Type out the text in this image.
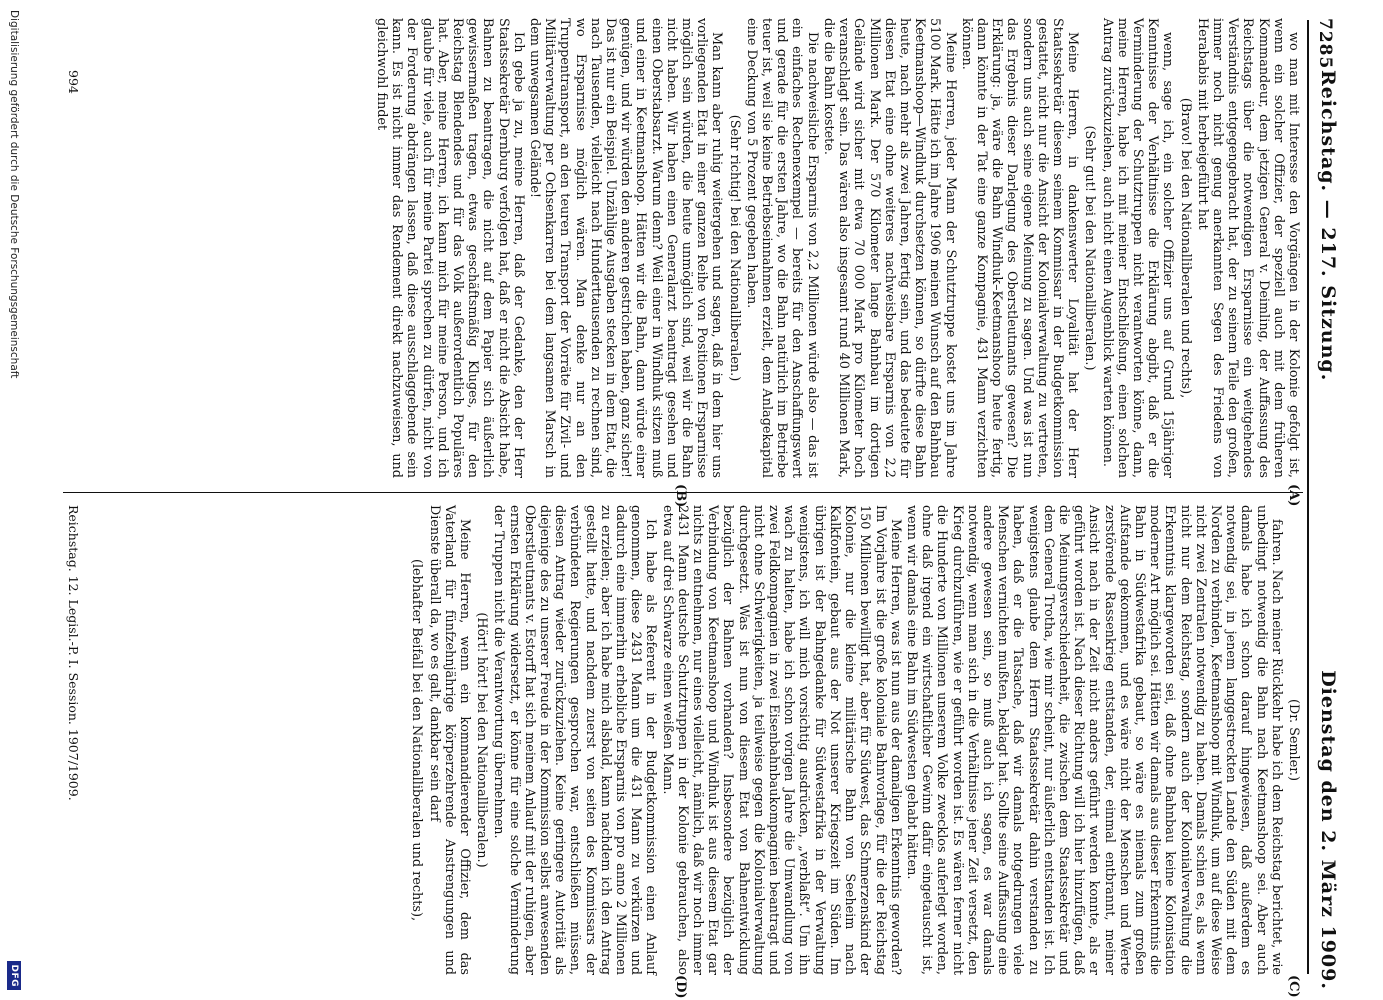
7285
Reichstag. — 217. Sitzung.
Dienstag den 2. März 1909.
(C)
(D)
(A)
(B)

(Dr. Semler.)

fahren. Nach meiner Rückkehr habe ich dem Reichstag berichtet, wie unbedingt notwendig die Bahn nach Keetmanshoop sei. Aber auch damals habe ich schon darauf hingewiesen, daß außerdem es notwendig sei, in jenem langgestreckten Lande den Süden mit dem Norden zu verbinden, Keetmanshoop mit Windhuk, um auf diese Weise nicht zwei Zentralen notwendig zu haben. Damals schien es, als wenn nicht nur dem Reichstag, sondern auch der Kolonialverwaltung die Erkenntnis klargeworden sei, daß ohne Bahnbau keine Kolonisation moderner Art möglich sei. Hätten wir damals aus dieser Erkenntnis die Bahn in Südwestafrika gebaut, so wäre es niemals zum großen Aufstande gekommen, und es wäre nicht der Menschen und Werte zerstörende Rassenkrieg entstanden, der, einmal entbrannt, meiner Ansicht nach in der Zeit nicht anders geführt werden konnte, als er geführt worden ist. Nach dieser Richtung will ich hier hinzufügen, daß die Meinungsverschiedenheit, die zwischen dem Staatssekretär und dem General Trotha, wie mir scheint, nur äußerlich entstanden ist. Ich wenigstens glaube dem Herrn Staatssekretär dahin verstanden zu haben, daß er die Tatsache, daß wir damals notgedrungen viele Menschen vernichten mußten, beklagt hat. Sollte seine Auffassung eine andere gewesen sein, so muß auch ich sagen, es war damals notwendig, wenn man sich in die Verhältnisse jener Zeit versetzt, den Krieg durchzuführen, wie er geführt worden ist. Es wären ferner nicht die Hunderte von Millionen unserem Volke zwecklos auferlegt worden, ohne daß irgend ein wirtschaftlicher Gewinn dafür eingetauscht ist, wenn wir damals eine Bahn im Südwesten gehabt hätten.

Meine Herren, was ist nun aus der damaligen Erkenntnis geworden? Im Vorjahre ist die große koloniale Bahnvorlage, für die der Reichstag 150 Millionen bewilligt hat, aber für Südwest, das Schmerzenskind der Kolonie, nur die kleine militärische Bahn von Seeheim nach Kalkfontein, gebaut aus der Not unserer Kriegszeit im Süden. Im übrigen ist der Bahngedanke für Südwestafrika in der Verwaltung wenigstens, ich will mich vorsichtig ausdrücken, „verblaßt“. Um ihn wach zu halten, habe ich schon vorigen Jahre die Umwandlung von zwei Feldkompagnien in zwei Eisenbahnbaukompagnien beantragt und nicht ohne Schwierigkeiten, ja teilweise gegen die Kolonialverwaltung durchgesetzt. Was ist nun von diesem Etat von Bahnentwicklung bezüglich der Bahnen vorhanden? Insbesondere bezüglich der Verbindung von Keetmanshoop und Windhuk ist aus diesem Etat gar nichts zu entnehmen, nur eines vielleicht, nämlich, daß wir noch immer 2431 Mann deutsche Schutztruppen in der Kolonie gebrauchen, also etwa auf drei Schwarze einen weißen Mann.

Ich habe als Referent in der Budgetkommission einen Anlauf genommen, diese 2431 Mann um die 431 Mann zu verkürzen und dadurch eine immerhin erhebliche Ersparnis von pro anno 2 Millionen zu erzielen; aber ich habe mich alsbald, kann nachdem ich den Antrag gestellt hatte, und nachdem zuerst von seiten des Kommissars der verbündeten Regierungen gesprochen war, entschließen müssen, diesen Antrag wieder zurückzuziehen. Keine geringere Autorität als diejenige des zu unserer Freude in der Kommission selbst anwesenden Oberstleutnants v. Estorff hat sich meinem Anlauf mit der ruhigen, aber ernsten Erklärung widersetzt, er könne für eine solche Verminderung der Truppen nicht die Verantwortung übernehmen.

(Hört! hört! bei den Nationalliberalen.)

Meine Herren, wenn ein kommandierender Offizier, dem das Vaterland für fünfzehnjährige körperzehrende Anstrengungen und Dienste überall da, wo es galt, dankbar sein darf

(lebhafter Beifall bei den Nationalliberalen und rechts),

wo man mit Interesse den Vorgängen in der Kolonie gefolgt ist, wenn ein solcher Offizier, der speziell auch mit dem früheren Kommandeur, dem jetzigen General v. Deimling, der Auffassung des Reichstags über die notwendigen Ersparnisse ein weitgehendes Verständnis entgegengebracht hat, der zu seinem Teile den großen, immer noch nicht genug anerkannten Segen des Friedens von Herababis mit herbeigeführt hat

(Bravo! bei den Nationalliberalen und rechts),

wenn, sage ich, ein solcher Offizier uns auf Grund 15jähriger Kenntnisse der Verhältnisse die Erklärung abgibt, daß er die Verminderung der Schutztruppen nicht verantworten könne, dann, meine Herren, habe ich mit meiner Entschließung, einen solchen Antrag zurückzuziehen, auch nicht einen Augenblick warten können.

(Sehr gut! bei den Nationalliberalen.)

Meine Herren, in dankenswerter Loyalität hat der Herr Staatssekretär diesem seinem Kommissar in der Budgetkommission gestattet, nicht nur die Ansicht der Kolonialverwaltung zu vertreten, sondern uns auch seine eigene Meinung zu sagen. Und was ist nun das Ergebnis dieser Darlegung des Oberstleutnants gewesen? Die Erklärung: ja, wäre die Bahn Windhuk–Keetmanshoop heute fertig, dann könnte in der Tat eine ganze Kompagnie, 431 Mann verzichten können.

Meine Herren, jeder Mann der Schutztruppe kostet uns im Jahre 5100 Mark. Hätte ich im Jahre 1906 meinen Wunsch auf den Bahnbau Keetmanshoop—Windhuk durchsetzen können, so dürfte diese Bahn heute, nach mehr als zwei Jahren, fertig sein, und das bedeutete für diesen Etat eine ohne weiteres nachweisbare Ersparnis von 2,2 Millionen Mark. Der 570 Kilometer lange Bahnbau im dortigen Gelände wird sicher mit etwa 70 000 Mark pro Kilometer hoch veranschlagt sein. Das wären also insgesamt rund 40 Millionen Mark, die die Bahn kostete.

Die nachweisliche Ersparnis von 2,2 Millionen würde also — das ist ein einfaches Rechenexempel — bereits für den Anschaffungswert und gerade für die ersten Jahre, wo die Bahn natürlich im Betriebe teuer ist, weil sie keine Betriebseinnahmen erzielt, dem Anlagekapital eine Deckung von 5 Prozent gegeben haben.

(Sehr richtig! bei den Nationalliberalen.)

Man kann aber ruhig weitergehen und sagen, daß in dem hier uns vorliegenden Etat in einer ganzen Reihe von Positionen Ersparnisse möglich sein würden, die heute unmöglich sind, weil wir die Bahn nicht haben. Wir haben einen Generalarzt beantragt gesehen und einen Oberstabsarzt. Warum denn? Weil einer in Windhuk sitzen muß und einer in Keetmanshoop. Hätten wir die Bahn, dann würde einer genügen, und wir würden den anderen gestrichen haben, ganz sicher! Das ist nur ein Beispiel. Unzählige Ausgaben stecken in dem Etat, die nach Tausenden, vielleicht nach Hunderttausenden zu rechnen sind, wo Ersparnisse möglich wären. Man denke nur an den Truppentransport, an den teuren Transport der Vorräte für Zivil- und Militärverwaltung per Ochsenkarren bei dem langsamen Marsch in dem unwegsamen Gelände!

Ich gebe ja zu, meine Herren, daß der Gedanke, den der Herr Staatssekretär Dernburg verfolgen hat, daß er nicht die Absicht habe, Bahnen zu beantragen, die nicht auf dem Papier sich äußerlich gewissermaßen tragen, etwas geschäftsmäßig Kluges, für den Reichstag Blendendes und für das Volk außerordentlich Populäres hat. Aber, meine Herren, ich kann mich für meine Person, und ich glaube für viele, auch für meine Partei sprechen zu dürfen, nicht von der Forderung abdrängen lassen, daß diese ausschlaggebende sein kann. Es ist nicht immer das Rendement direkt nachzuweisen, und gleichwohl findet

Reichstag. 12. Legisl.-P. I. Session. 1907/1909.
994
Digitalisierung gefördert durch die Deutsche Forschungsgemeinschaft
DFG
